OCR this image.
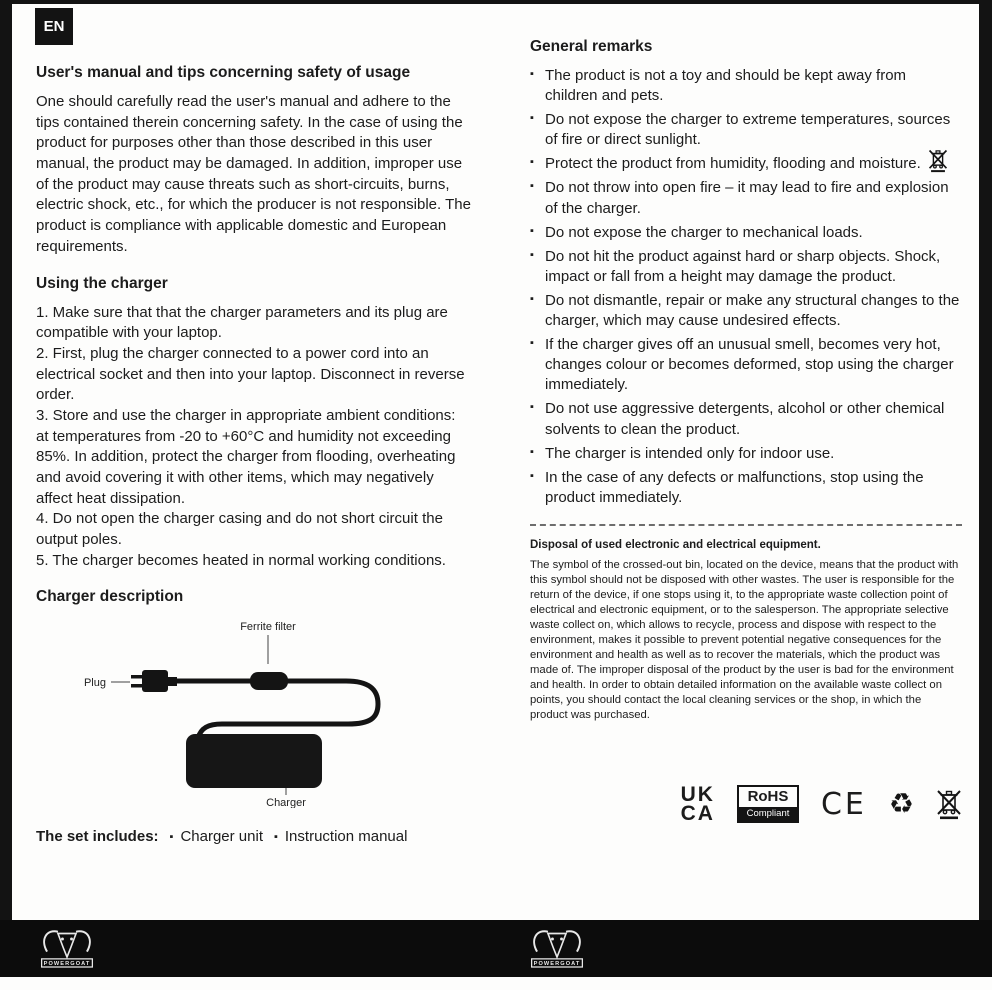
EN
User's manual and tips concerning safety of usage

One should carefully read the user's manual and adhere to the tips contained therein concerning safety. In the case of using the product for purposes other than those described in this user manual, the product may be damaged. In addition, improper use of the product may cause threats such as short-circuits, burns, electric shock, etc., for which the producer is not responsible. The product is compliance with applicable domestic and European requirements.

Using the charger
1. Make sure that that the charger parameters and its plug are compatible with your laptop.
2. First, plug the charger connected to a power cord into an electrical socket and then into your laptop. Disconnect in reverse order.
3. Store and use the charger in appropriate ambient conditions: at temperatures from -20 to +60°C and humidity not exceeding 85%. In addition, protect the charger from flooding, overheating and avoid covering it with other items, which may negatively affect heat dissipation.
4. Do not open the charger casing and do not short circuit the output poles.
5. The charger becomes heated in normal working conditions.
Charger description
Ferrite filter
Plug
Charger
The set includes: ▪ Charger unit ▪ Instruction manual
General remarks
▪ The product is not a toy and should be kept away from children and pets.
▪ Do not expose the charger to extreme temperatures, sources of fire or direct sunlight.
▪ Protect the product from humidity, flooding and moisture.
▪ Do not throw into open fire – it may lead to fire and explosion of the charger.
▪ Do not expose the charger to mechanical loads.
▪ Do not hit the product against hard or sharp objects. Shock, impact or fall from a height may damage the product.
▪ Do not dismantle, repair or make any structural changes to the charger, which may cause undesired effects.
▪ If the charger gives off an unusual smell, becomes very hot, changes colour or becomes deformed, stop using the charger immediately.
▪ Do not use aggressive detergents, alcohol or other chemical solvents to clean the product.
▪ The charger is intended only for indoor use.
▪ In the case of any defects or malfunctions, stop using the product immediately.
Disposal of used electronic and electrical equipment.

The symbol of the crossed-out bin, located on the device, means that the product with this symbol should not be disposed with other wastes. The user is responsible for the return of the device, if one stops using it, to the appropriate waste collection point of electrical and electronic equipment, or to the salesperson. The appropriate selective waste collect on, which allows to recycle, process and dispose with respect to the environment, makes it possible to prevent potential negative consequences for the environment and health as well as to recover the materials, which the product was made of. The improper disposal of the product by the user is bad for the environment and health. In order to obtain detailed information on the available waste collect on points, you should contact the local cleaning services or the shop, in which the product was purchased.

UK
CA
RoHS
Compliant CE ♻
POWERGOAT	POWERGOAT
